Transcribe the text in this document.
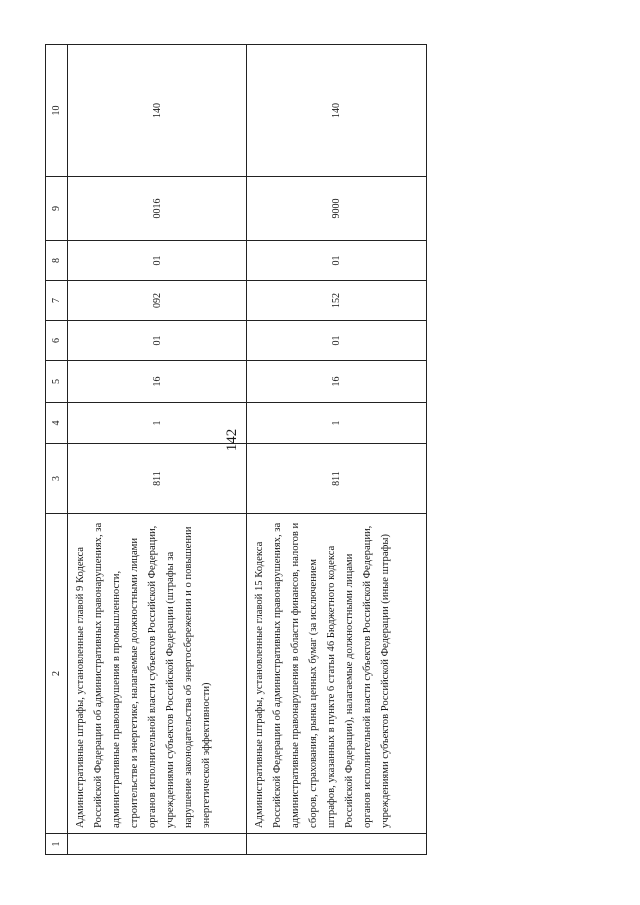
142
1	2	3	4	5	6	7	8	9	10
	Административные штрафы, установленные главой 9 Кодекса Российской Федерации об административных правонарушениях, за административные правонарушения в промышленности, строительстве и энергетике, налагаемые должностными лицами органов исполнительной власти субъектов Российской Федерации, учреждениями субъектов Российской Федерации (штрафы за нарушение законодательства об энергосбережении и о повышении энергетической эффективности)	811	1	16	01	092	01	0016	140
	Административные штрафы, установленные главой 15 Кодекса Российской Федерации об административных правонарушениях, за административные правонарушения в области финансов, налогов и сборов, страхования, рынка ценных бумаг (за исключением штрафов, указанных в пункте 6 статьи 46 Бюджетного кодекса Российской Федерации), налагаемые должностными лицами органов исполнительной власти субъектов Российской Федерации, учреждениями субъектов Российской Федерации (иные штрафы)	811	1	16	01	152	01	9000	140
